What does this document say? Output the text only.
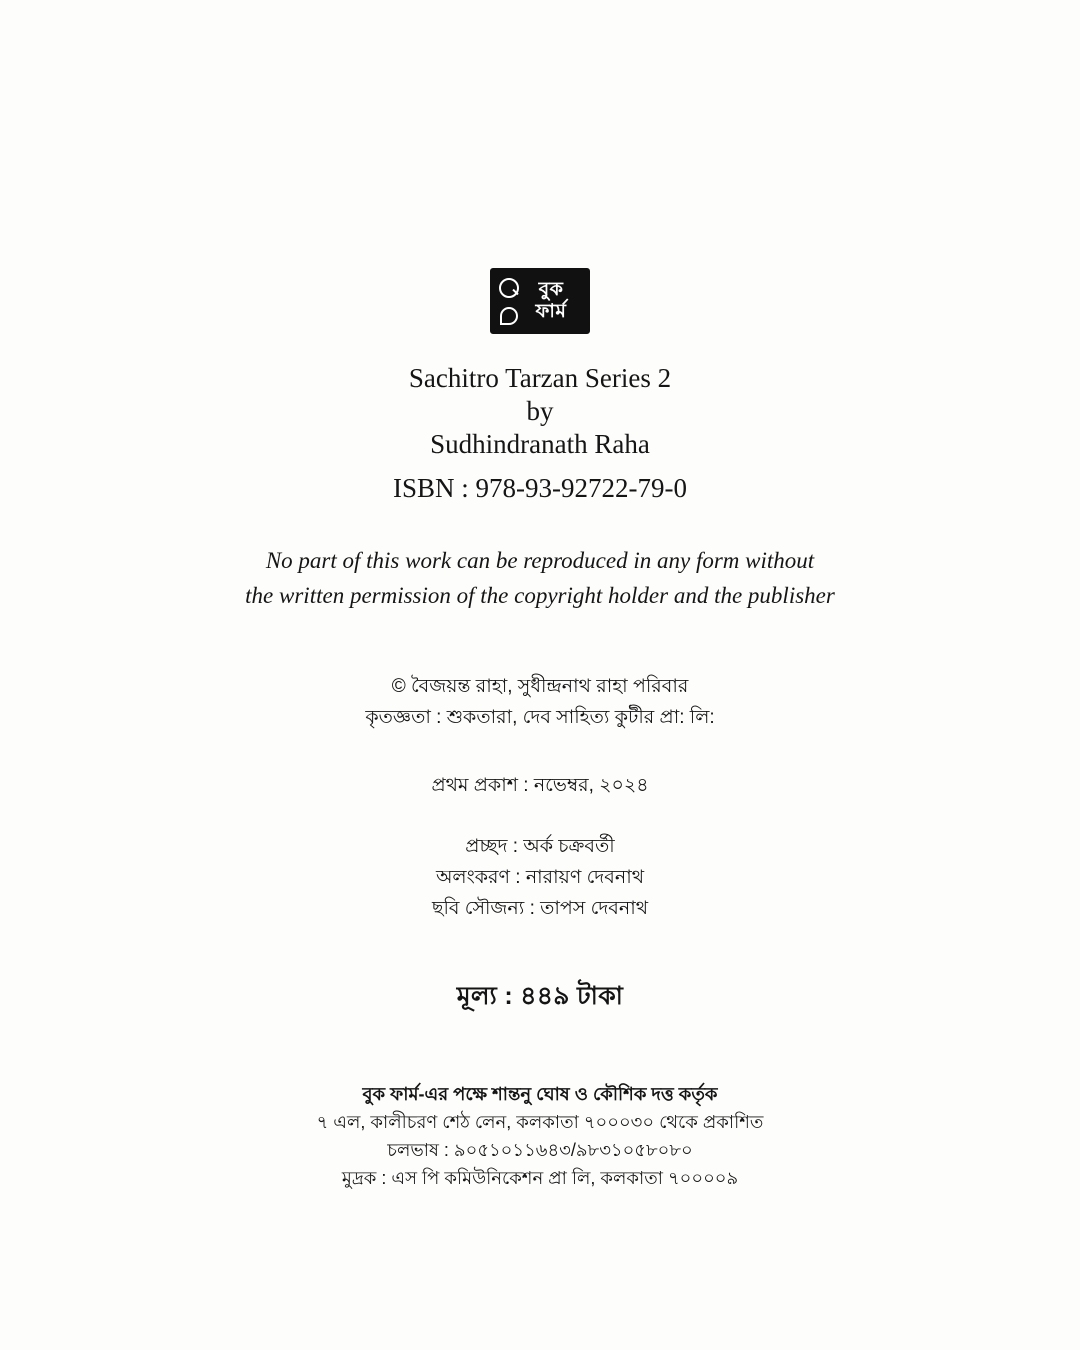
বুক
ফার্ম
Sachitro Tarzan Series 2
by
Sudhindranath Raha
ISBN : 978-93-92722-79-0
No part of this work can be reproduced in any form without
the written permission of the copyright holder and the publisher
© বৈজয়ন্ত রাহা, সুধীন্দ্রনাথ রাহা পরিবার
কৃতজ্ঞতা : শুকতারা, দেব সাহিত্য কুটীর প্রা: লি:
প্রথম প্রকাশ : নভেম্বর, ২০২৪
প্রচ্ছদ : অর্ক চক্রবর্তী
অলংকরণ : নারায়ণ দেবনাথ
ছবি সৌজন্য : তাপস দেবনাথ
মূল্য : ৪৪৯ টাকা
বুক ফার্ম-এর পক্ষে শান্তনু ঘোষ ও কৌশিক দত্ত কর্তৃক
৭ এল, কালীচরণ শেঠ লেন, কলকাতা ৭০০০৩০ থেকে প্রকাশিত
চলভাষ : ৯০৫১০১১৬৪৩/৯৮৩১০৫৮০৮০
মুদ্রক : এস পি কমিউনিকেশন প্রা লি, কলকাতা ৭০০০০৯
